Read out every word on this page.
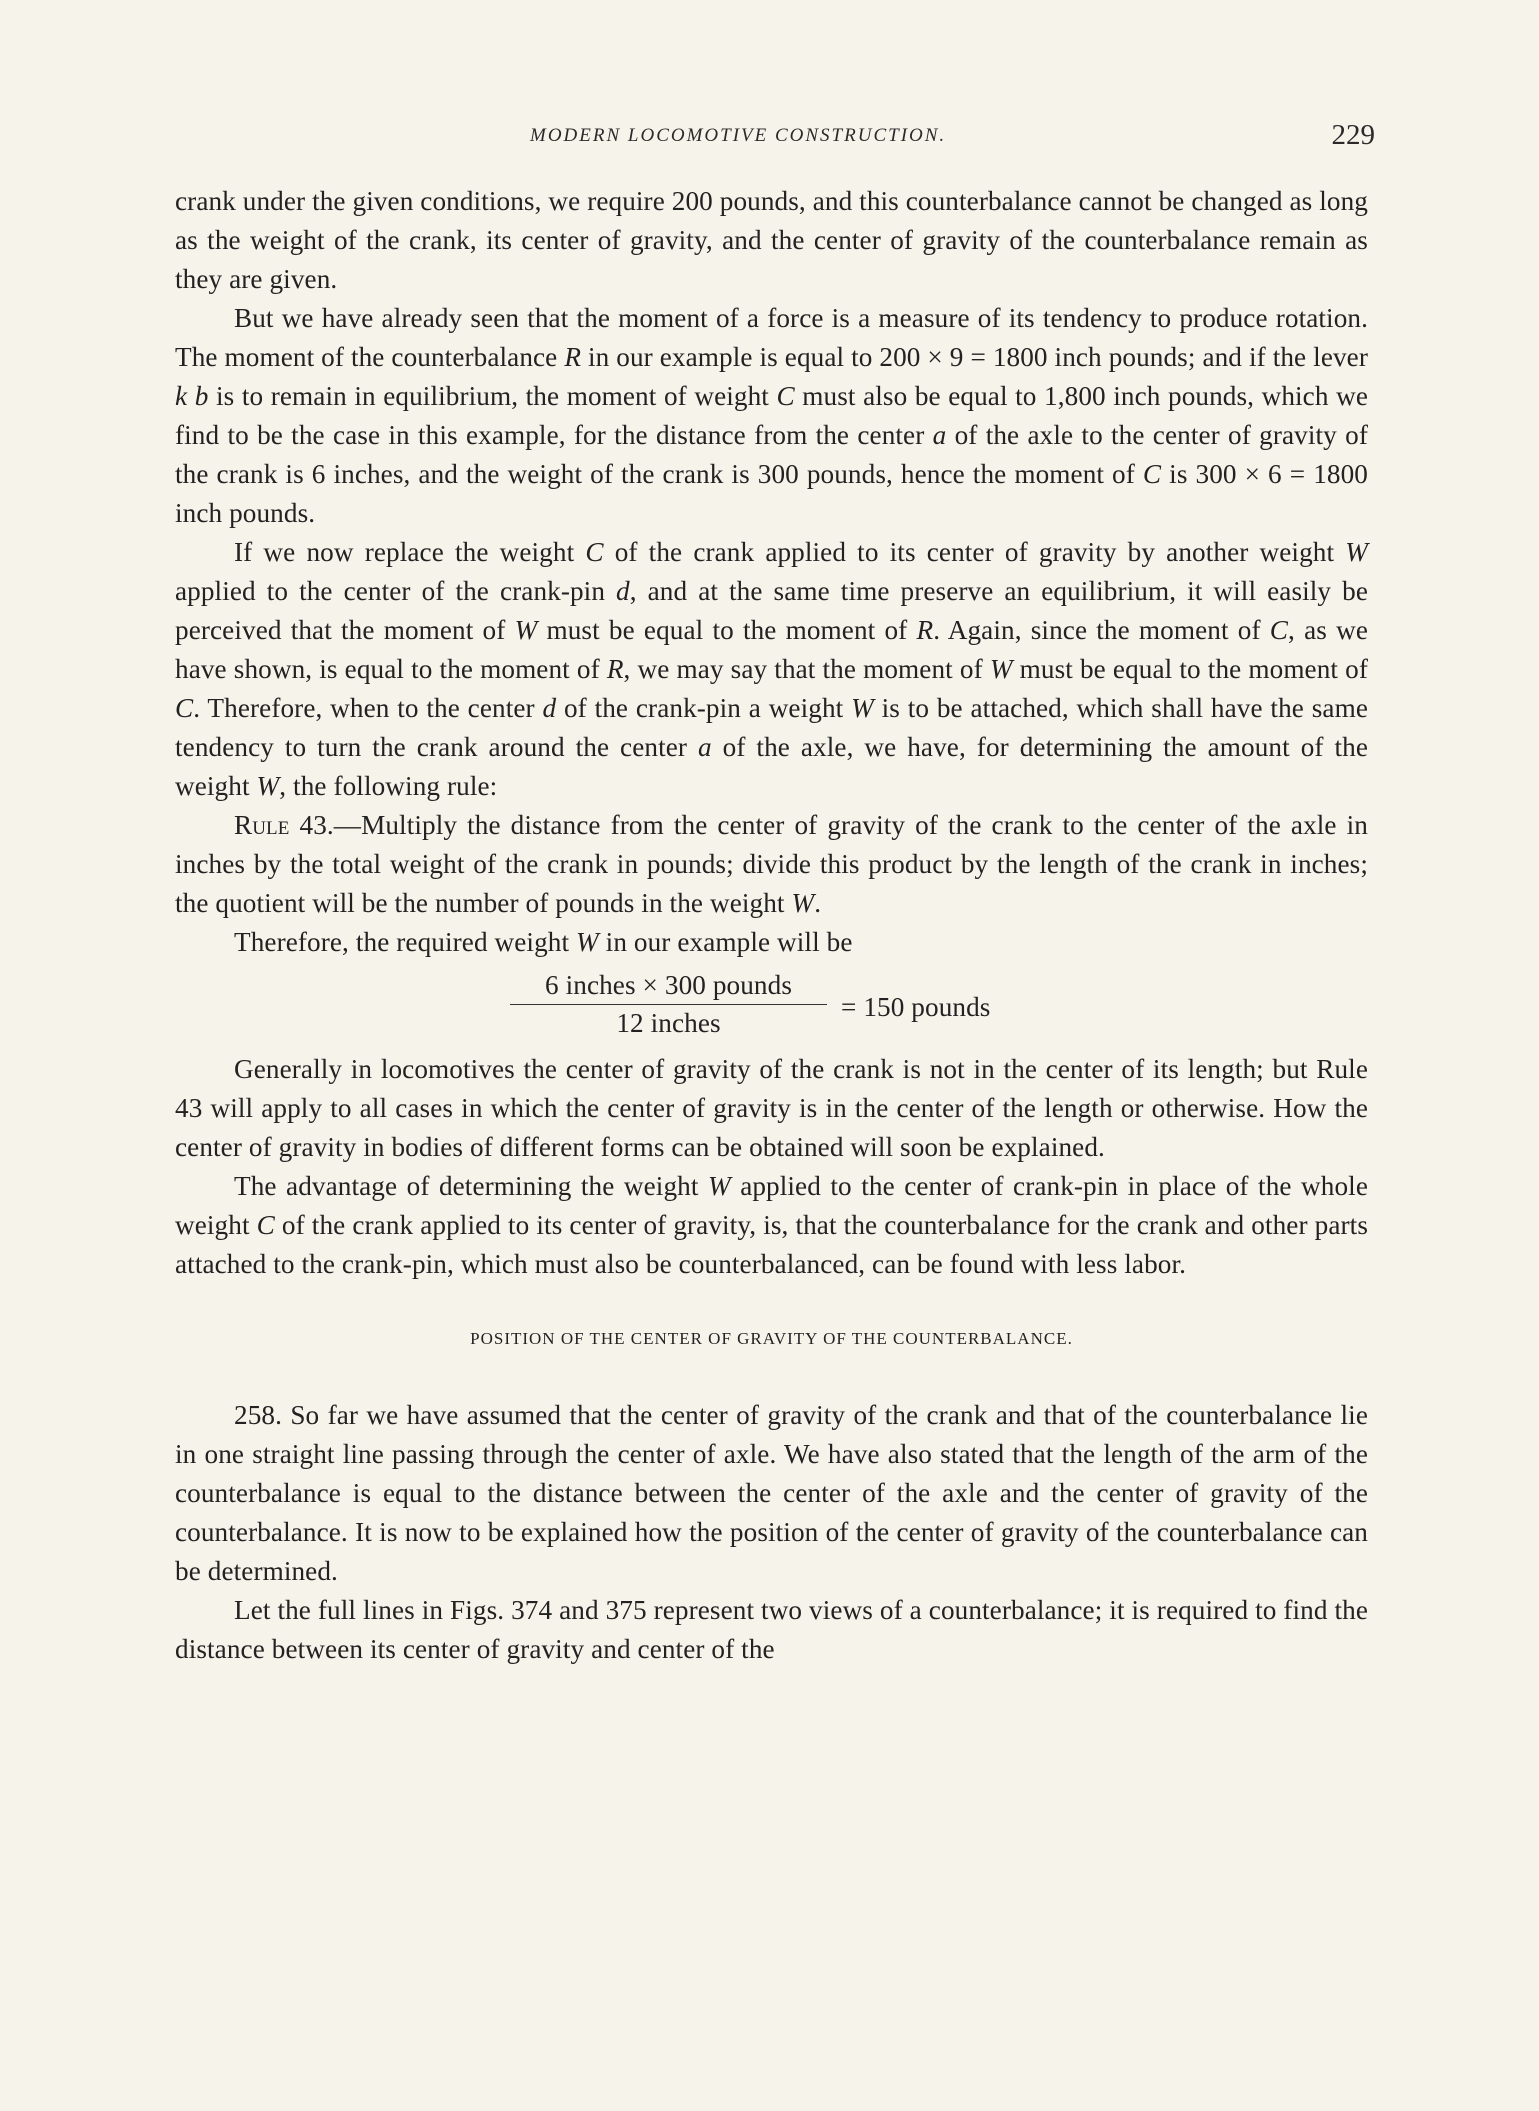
MODERN LOCOMOTIVE CONSTRUCTION.	229

crank under the given conditions, we require 200 pounds, and this counterbalance cannot be changed as long as the weight of the crank, its center of gravity, and the center of gravity of the counterbalance remain as they are given.

But we have already seen that the moment of a force is a measure of its tendency to produce rotation. The moment of the counterbalance R in our example is equal to 200 × 9 = 1800 inch pounds; and if the lever k b is to remain in equilibrium, the moment of weight C must also be equal to 1,800 inch pounds, which we find to be the case in this example, for the distance from the center a of the axle to the center of gravity of the crank is 6 inches, and the weight of the crank is 300 pounds, hence the moment of C is 300 × 6 = 1800 inch pounds.

If we now replace the weight C of the crank applied to its center of gravity by another weight W applied to the center of the crank-pin d, and at the same time preserve an equilibrium, it will easily be perceived that the moment of W must be equal to the moment of R. Again, since the moment of C, as we have shown, is equal to the moment of R, we may say that the moment of W must be equal to the moment of C. Therefore, when to the center d of the crank-pin a weight W is to be attached, which shall have the same tendency to turn the crank around the center a of the axle, we have, for determining the amount of the weight W, the following rule:

Rule 43.—Multiply the distance from the center of gravity of the crank to the center of the axle in inches by the total weight of the crank in pounds; divide this product by the length of the crank in inches; the quotient will be the number of pounds in the weight W.

Therefore, the required weight W in our example will be

6 inches × 300 pounds
12 inches
= 150 pounds

Generally in locomotives the center of gravity of the crank is not in the center of its length; but Rule 43 will apply to all cases in which the center of gravity is in the center of the length or otherwise. How the center of gravity in bodies of different forms can be obtained will soon be explained.

The advantage of determining the weight W applied to the center of crank-pin in place of the whole weight C of the crank applied to its center of gravity, is, that the counterbalance for the crank and other parts attached to the crank-pin, which must also be counterbalanced, can be found with less labor.

POSITION OF THE CENTER OF GRAVITY OF THE COUNTERBALANCE.

258. So far we have assumed that the center of gravity of the crank and that of the counterbalance lie in one straight line passing through the center of axle. We have also stated that the length of the arm of the counterbalance is equal to the distance between the center of the axle and the center of gravity of the counterbalance. It is now to be explained how the position of the center of gravity of the counterbalance can be determined.

Let the full lines in Figs. 374 and 375 represent two views of a counterbalance; it is required to find the distance between its center of gravity and center of the
